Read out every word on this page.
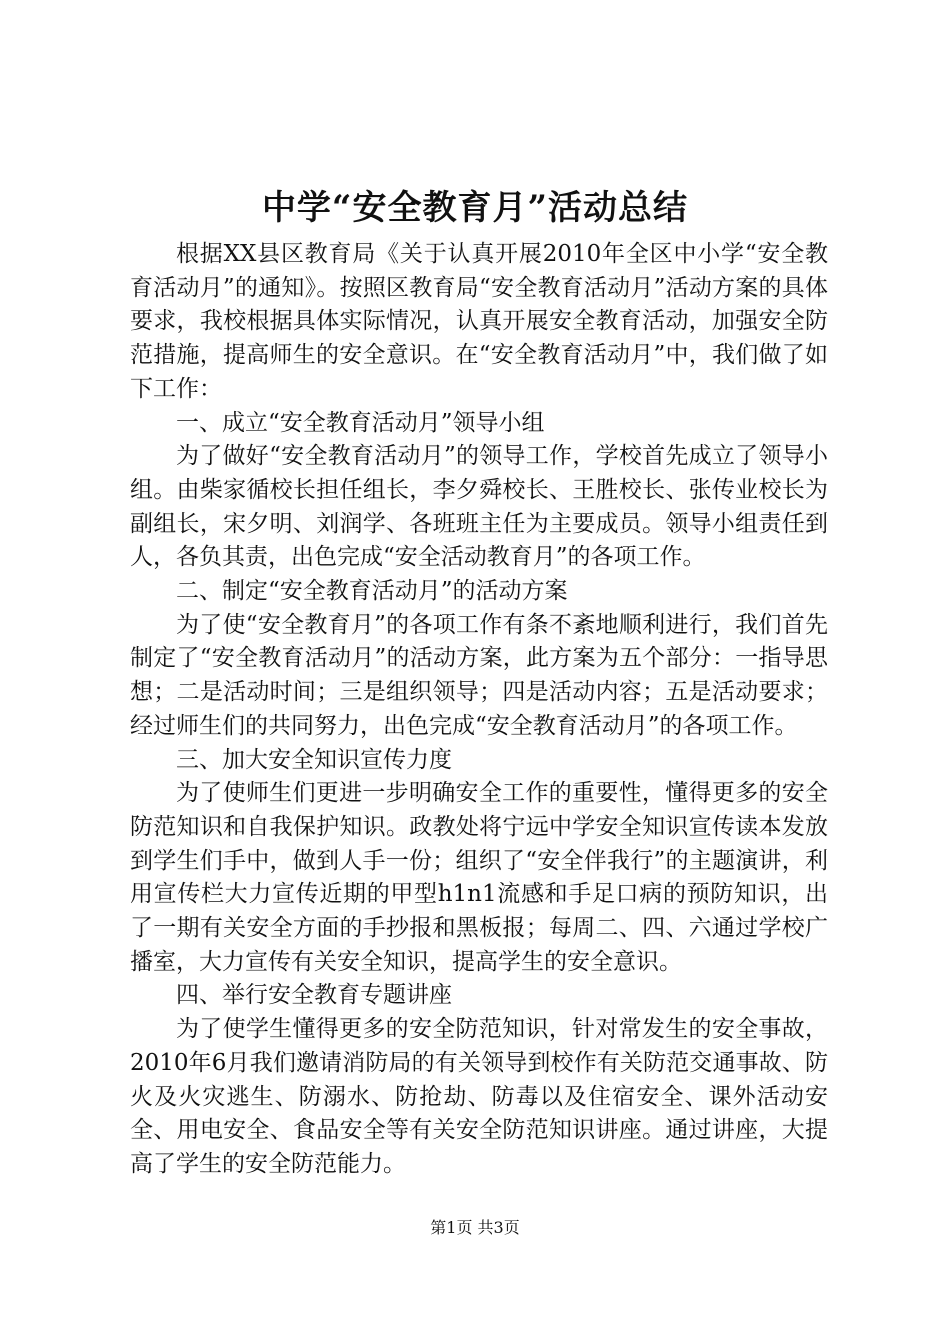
中学“安全教育月”活动总结

根据XX县区教育局《关于认真开展2010年全区中小学“安全教育活动月”的通知》。按照区教育局“安全教育活动月”活动方案的具体要求，我校根据具体实际情况，认真开展安全教育活动，加强安全防范措施，提高师生的安全意识。在“安全教育活动月”中，我们做了如下工作：

一、成立“安全教育活动月”领导小组

为了做好“安全教育活动月”的领导工作，学校首先成立了领导小组。由柴家循校长担任组长，李夕舜校长、王胜校长、张传业校长为副组长，宋夕明、刘润学、各班班主任为主要成员。领导小组责任到人，各负其责，出色完成“安全活动教育月”的各项工作。

二、制定“安全教育活动月”的活动方案

为了使“安全教育月”的各项工作有条不紊地顺利进行，我们首先制定了“安全教育活动月”的活动方案，此方案为五个部分：一指导思想；二是活动时间；三是组织领导；四是活动内容；五是活动要求；经过师生们的共同努力，出色完成“安全教育活动月”的各项工作。

三、加大安全知识宣传力度

为了使师生们更进一步明确安全工作的重要性，懂得更多的安全防范知识和自我保护知识。政教处将宁远中学安全知识宣传读本发放到学生们手中，做到人手一份；组织了“安全伴我行”的主题演讲，利用宣传栏大力宣传近期的甲型h1n1流感和手足口病的预防知识，出了一期有关安全方面的手抄报和黑板报；每周二、四、六通过学校广播室，大力宣传有关安全知识，提高学生的安全意识。

四、举行安全教育专题讲座

为了使学生懂得更多的安全防范知识，针对常发生的安全事故，2010年6月我们邀请消防局的有关领导到校作有关防范交通事故、防火及火灾逃生、防溺水、防抢劫、防毒以及住宿安全、课外活动安全、用电安全、食品安全等有关安全防范知识讲座。通过讲座，大提高了学生的安全防范能力。

第1页 共3页
